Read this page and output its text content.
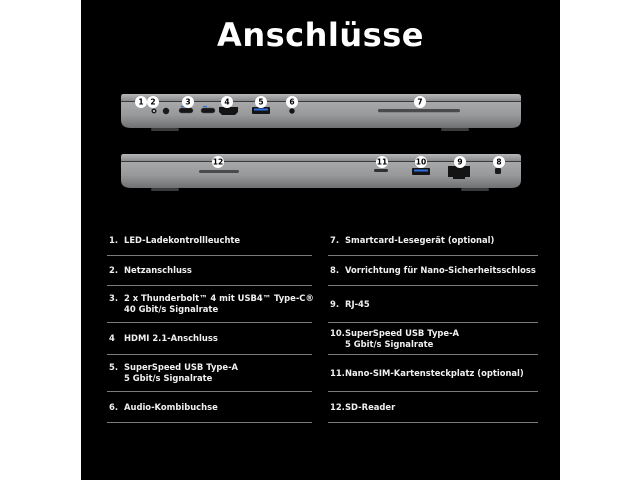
Anschlüsse
1 2	3	4	5	6	7
12	11	10	9	8
1. LED-Ladekontrollleuchte
2. Netzanschluss
3. 2 x Thunderbolt™ 4 mit USB4™ Type-C®
40 Gbit/s Signalrate
4 HDMI 2.1-Anschluss
5. SuperSpeed USB Type-A
5 Gbit/s Signalrate
6. Audio-Kombibuchse
7. Smartcard-Lesegerät (optional)
8. Vorrichtung für Nano-Sicherheitsschloss
9. RJ-45
10. SuperSpeed USB Type-A
5 Gbit/s Signalrate
11. Nano-SIM-Kartensteckplatz (optional)
12. SD-Reader
